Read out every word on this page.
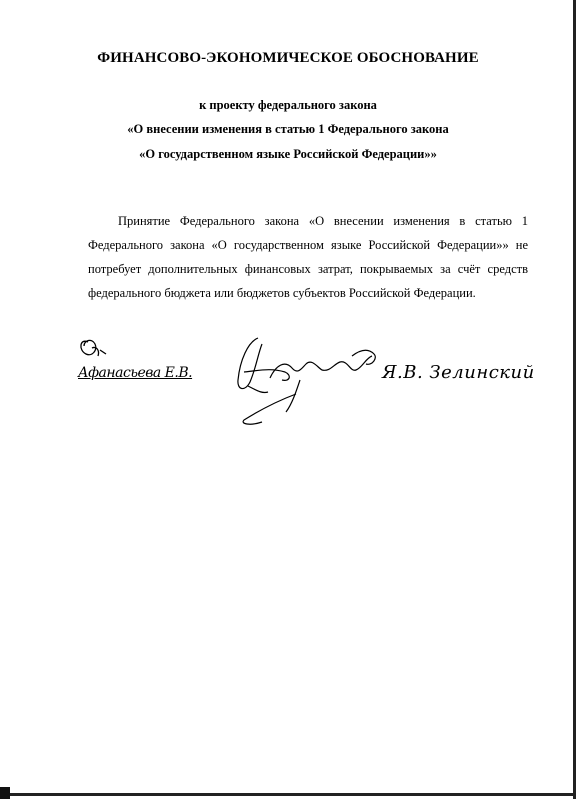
ФИНАНСОВО-ЭКОНОМИЧЕСКОЕ ОБОСНОВАНИЕ
к проекту федерального закона
«О внесении изменения в статью 1 Федерального закона
«О государственном языке Российской Федерации»»
Принятие Федерального закона «О внесении изменения в статью 1 Федерального закона «О государственном языке Российской Федерации»» не потребует дополнительных финансовых затрат, покрываемых за счёт средств федерального бюджета или бюджетов субъектов Российской Федерации.
Афанасьева Е.В.	Я.В. Зелинский
